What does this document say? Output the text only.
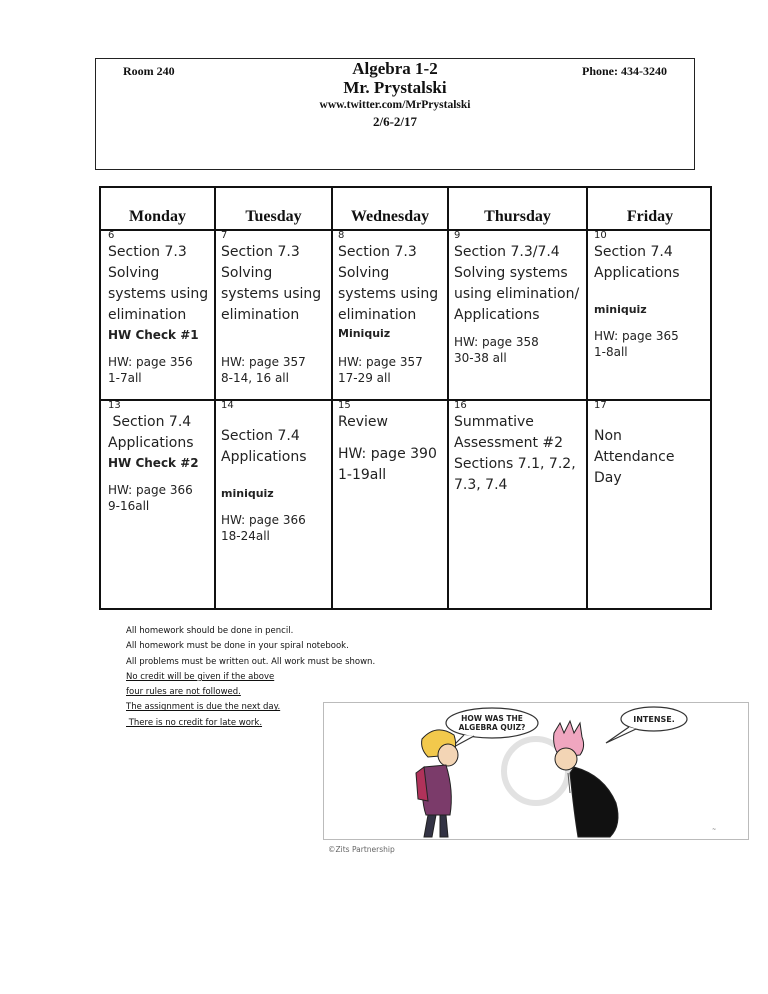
Room 240	Phone: 434-3240
Algebra 1-2
Mr. Prystalski
www.twitter.com/MrPrystalski
2/6-2/17
Monday	Tuesday	Wednesday	Thursday	Friday
6
Section 7.3
Solving
systems using
elimination
HW Check #1
HW: page 356
1-7all
7
Section 7.3
Solving
systems using
elimination
HW: page 357
8-14, 16 all
8
Section 7.3
Solving
systems using
elimination
Miniquiz
HW: page 357
17-29 all
9
Section 7.3/7.4
Solving systems
using elimination/
Applications
HW: page 358
30-38 all
10
Section 7.4
Applications
miniquiz
HW: page 365
1-8all
13
Section 7.4
Applications
HW Check #2
HW: page 366
9-16all
14
Section 7.4
Applications
miniquiz
HW: page 366
18-24all
15
Review
HW: page 390
1-19all
16
Summative
Assessment #2
Sections 7.1, 7.2,
7.3, 7.4
17
Non
Attendance
Day
All homework should be done in pencil.
All homework must be done in your spiral notebook.
All problems must be written out. All work must be shown.
No credit will be given if the above
four rules are not followed.
The assignment is due the next day.
There is no credit for late work.	HOW WAS THE
ALGEBRA QUIZ?
INTENSE.
~
©Zits Partnership
